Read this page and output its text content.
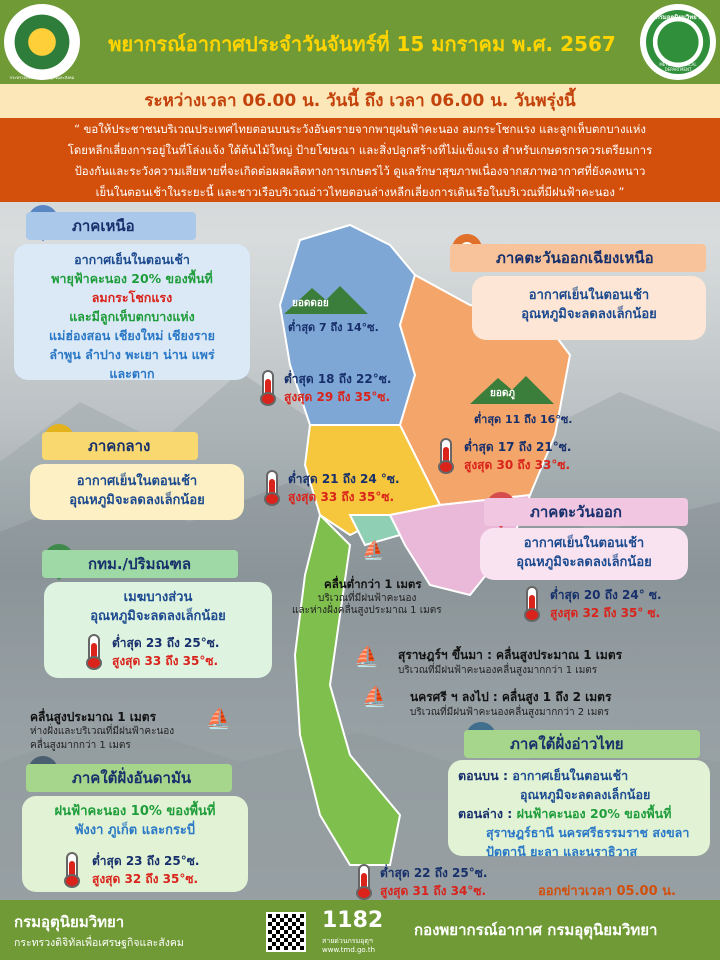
กระทรวงดิจิทัลเพื่อเศรษฐกิจและสังคม
พยากรณ์อากาศประจำวันจันทร์ที่ 15 มกราคม พ.ศ. 2567
กรมอุตุนิยมวิทยา
METEOROLOGICAL DEPARTMENT
ระหว่างเวลา 06.00 น. วันนี้ ถึง เวลา 06.00 น. วันพรุ่งนี้
“ ขอให้ประชาชนบริเวณประเทศไทยตอนบนระวังอันตรายจากพายุฝนฟ้าคะนอง ลมกระโชกแรง และลูกเห็บตกบางแห่ง
โดยหลีกเลี่ยงการอยู่ในที่โล่งแจ้ง ใต้ต้นไม้ใหญ่ ป้ายโฆษณา และสิ่งปลูกสร้างที่ไม่แข็งแรง สำหรับเกษตรกรควรเตรียมการ
ป้องกันและระวังความเสียหายที่จะเกิดต่อผลผลิตทางการเกษตรไว้ ดูแลรักษาสุขภาพเนื่องจากสภาพอากาศที่ยังคงหนาว
เย็นในตอนเช้าในระยะนี้ และชาวเรือบริเวณอ่าวไทยตอนล่างหลีกเลี่ยงการเดินเรือในบริเวณที่มีฝนฟ้าคะนอง ”
ภาคเหนือ
อากาศเย็นในตอนเช้า
พายุฟ้าคะนอง 20% ของพื้นที่
ลมกระโชกแรง
และมีลูกเห็บตกบางแห่ง
แม่ฮ่องสอน เชียงใหม่ เชียงราย
ลำพูน ลำปาง พะเยา น่าน แพร่
และตาก
ยอดดอย
ต่ำสุด 7 ถึง 14°ซ.
ต่ำสุด 18 ถึง 22°ซ.
สูงสุด 29 ถึง 35°ซ.
ภาคตะวันออกเฉียงเหนือ
อากาศเย็นในตอนเช้า
อุณหภูมิจะลดลงเล็กน้อย
ยอดภู
ต่ำสุด 11 ถึง 16°ซ.
ต่ำสุด 17 ถึง 21°ซ.
สูงสุด 30 ถึง 33°ซ.
ภาคกลาง
อากาศเย็นในตอนเช้า
อุณหภูมิจะลดลงเล็กน้อย
ต่ำสุด 21 ถึง 24 °ซ.
สูงสุด 33 ถึง 35°ซ.
ภาคตะวันออก
อากาศเย็นในตอนเช้า
อุณหภูมิจะลดลงเล็กน้อย
ต่ำสุด 20 ถึง 24° ซ.
สูงสุด 32 ถึง 35° ซ.
กทม./ปริมณฑล
เมฆบางส่วน
อุณหภูมิจะลดลงเล็กน้อย
ต่ำสุด 23 ถึง 25°ซ.
สูงสุด 33 ถึง 35°ซ.
⛵
คลื่นต่ำกว่า 1 เมตร
บริเวณที่มีฝนฟ้าคะนอง
และห่างฝั่งคลื่นสูงประมาณ 1 เมตร
⛵ สุราษฎร์ฯ ขึ้นมา : คลื่นสูงประมาณ 1 เมตร
บริเวณที่มีฝนฟ้าคะนองคลื่นสูงมากกว่า 1 เมตร
⛵ นครศรี ฯ ลงไป : คลื่นสูง 1 ถึง 2 เมตร
บริเวณที่มีฝนฟ้าคะนองคลื่นสูงมากกว่า 2 เมตร
⛵
คลื่นสูงประมาณ 1 เมตร
ห่างฝั่งและบริเวณที่มีฝนฟ้าคะนอง
คลื่นสูงมากกว่า 1 เมตร	ภาคใต้ฝั่งอ่าวไทย
ตอนบน : อากาศเย็นในตอนเช้า
อุณหภูมิจะลดลงเล็กน้อย
ตอนล่าง : ฝนฟ้าคะนอง 20% ของพื้นที่
สุราษฎร์ธานี นครศรีธรรมราช สงขลา
ปัตตานี ยะลา และนราธิวาส
ต่ำสุด 22 ถึง 25°ซ.
สูงสุด 31 ถึง 34°ซ.
ภาคใต้ฝั่งอันดามัน
ฝนฟ้าคะนอง 10% ของพื้นที่
พังงา ภูเก็ต และกระบี่
ต่ำสุด 23 ถึง 25°ซ.
สูงสุด 32 ถึง 35°ซ.
ออกข่าวเวลา 05.00 น.
กรมอุตุนิยมวิทยา
กระทรวงดิจิทัลเพื่อเศรษฐกิจและสังคม
1182
สายด่วนกรมอุตุฯ
www.tmd.go.th
กองพยากรณ์อากาศ กรมอุตุนิยมวิทยา
